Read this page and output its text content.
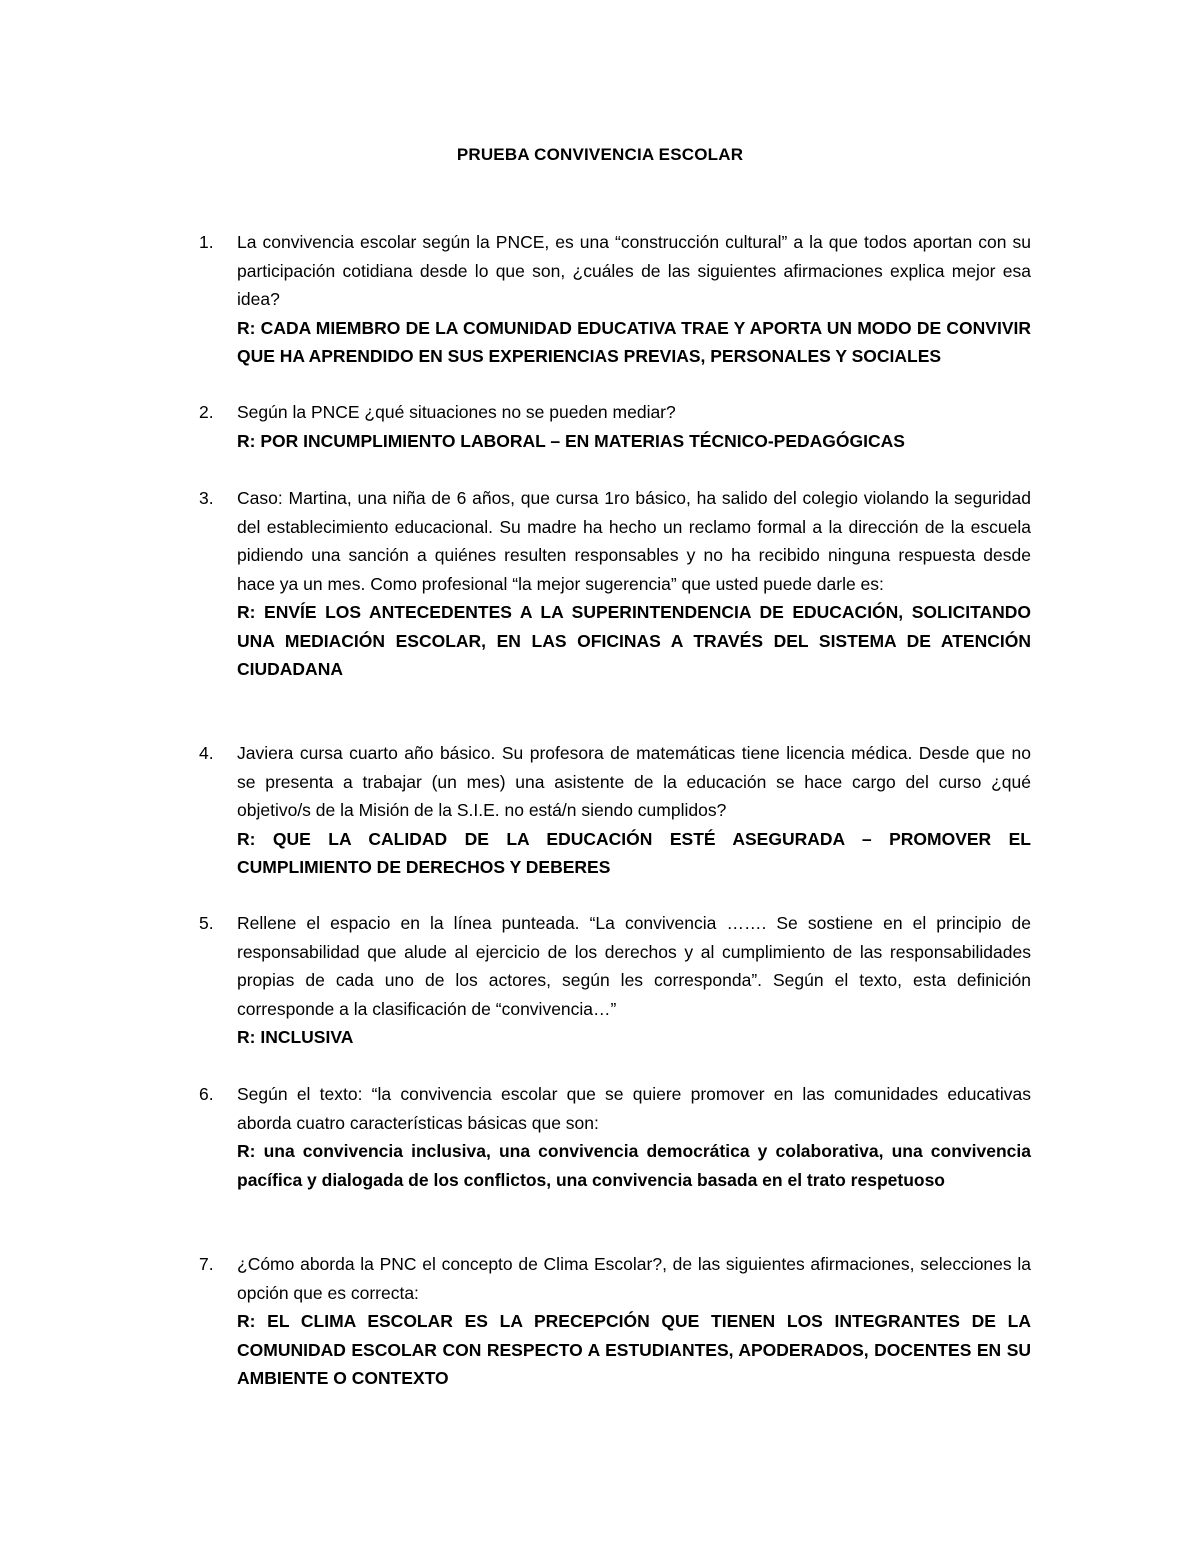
PRUEBA CONVIVENCIA ESCOLAR
1.	La convivencia escolar según la PNCE, es una “construcción cultural” a la que todos aportan con su participación cotidiana desde lo que son, ¿cuáles de las siguientes afirmaciones explica mejor esa idea?

R: CADA MIEMBRO DE LA COMUNIDAD EDUCATIVA TRAE Y APORTA UN MODO DE CONVIVIR QUE HA APRENDIDO EN SUS EXPERIENCIAS PREVIAS, PERSONALES Y SOCIALES

2.	Según la PNCE ¿qué situaciones no se pueden mediar?

R: POR INCUMPLIMIENTO LABORAL – EN MATERIAS TÉCNICO-PEDAGÓGICAS

3.	Caso: Martina, una niña de 6 años, que cursa 1ro básico, ha salido del colegio violando la seguridad del establecimiento educacional. Su madre ha hecho un reclamo formal a la dirección de la escuela pidiendo una sanción a quiénes resulten responsables y no ha recibido ninguna respuesta desde hace ya un mes. Como profesional “la mejor sugerencia” que usted puede darle es:

R: ENVÍE LOS ANTECEDENTES A LA SUPERINTENDENCIA DE EDUCACIÓN, SOLICITANDO UNA MEDIACIÓN ESCOLAR, EN LAS OFICINAS A TRAVÉS DEL SISTEMA DE ATENCIÓN CIUDADANA

4.	Javiera cursa cuarto año básico. Su profesora de matemáticas tiene licencia médica. Desde que no se presenta a trabajar (un mes) una asistente de la educación se hace cargo del curso ¿qué objetivo/s de la Misión de la S.I.E. no está/n siendo cumplidos?

R: QUE LA CALIDAD DE LA EDUCACIÓN ESTÉ ASEGURADA – PROMOVER EL CUMPLIMIENTO DE DERECHOS Y DEBERES

5.	Rellene el espacio en la línea punteada. “La convivencia ……. Se sostiene en el principio de responsabilidad que alude al ejercicio de los derechos y al cumplimiento de las responsabilidades propias de cada uno de los actores, según les corresponda”. Según el texto, esta definición corresponde a la clasificación de “convivencia…”

R: INCLUSIVA

6.	Según el texto: “la convivencia escolar que se quiere promover en las comunidades educativas aborda cuatro características básicas que son:

R: una convivencia inclusiva, una convivencia democrática y colaborativa, una convivencia pacífica y dialogada de los conflictos, una convivencia basada en el trato respetuoso

7.	¿Cómo aborda la PNC el concepto de Clima Escolar?, de las siguientes afirmaciones, selecciones la opción que es correcta:

R: EL CLIMA ESCOLAR ES LA PRECEPCIÓN QUE TIENEN LOS INTEGRANTES DE LA COMUNIDAD ESCOLAR CON RESPECTO A ESTUDIANTES, APODERADOS, DOCENTES EN SU AMBIENTE O CONTEXTO
